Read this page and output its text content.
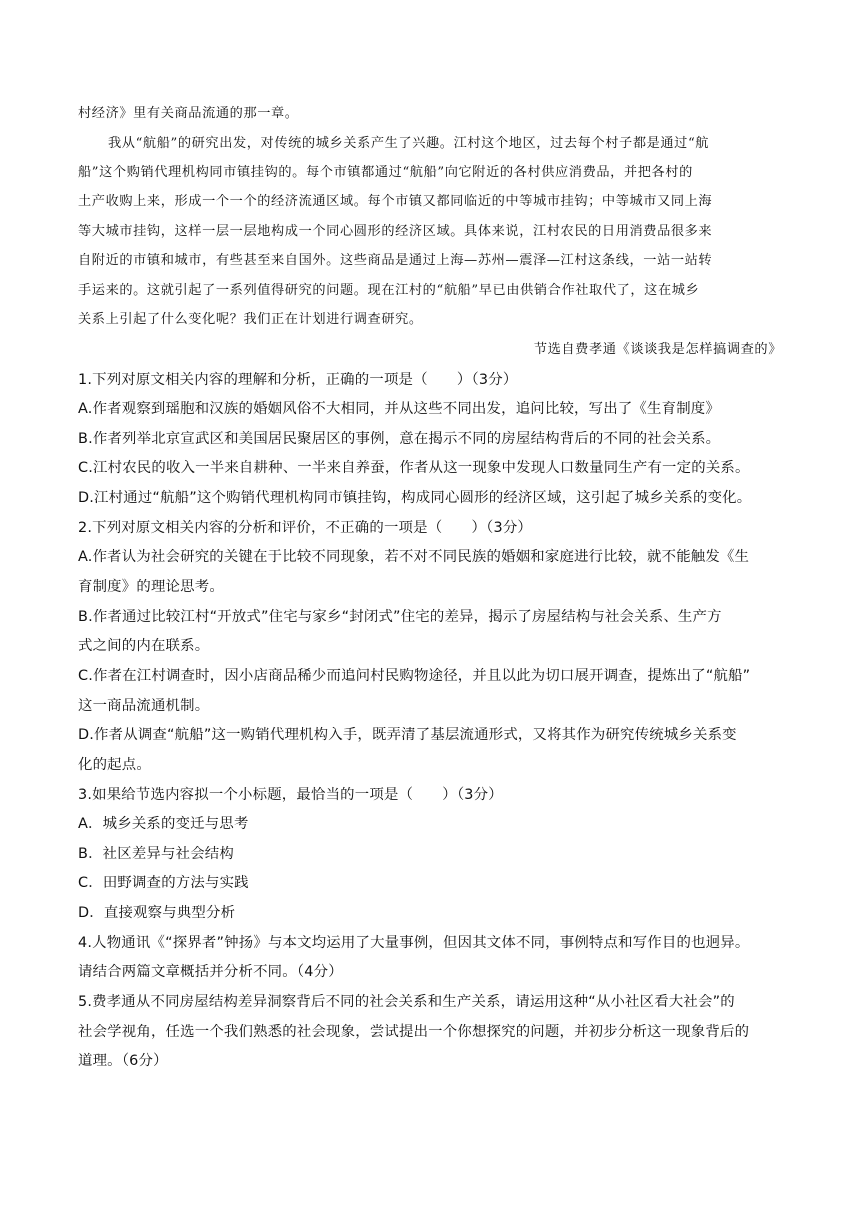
村经济》里有关商品流通的那一章。
我从“航船”的研究出发，对传统的城乡关系产生了兴趣。江村这个地区，过去每个村子都是通过“航
船”这个购销代理机构同市镇挂钩的。每个市镇都通过“航船”向它附近的各村供应消费品，并把各村的
土产收购上来，形成一个一个的经济流通区域。每个市镇又都同临近的中等城市挂钩；中等城市又同上海
等大城市挂钩，这样一层一层地构成一个同心圆形的经济区域。具体来说，江村农民的日用消费品很多来
自附近的市镇和城市，有些甚至来自国外。这些商品是通过上海—苏州—震泽—江村这条线，一站一站转
手运来的。这就引起了一系列值得研究的问题。现在江村的“航船”早已由供销合作社取代了，这在城乡
关系上引起了什么变化呢？我们正在计划进行调查研究。
节选自费孝通《谈谈我是怎样搞调查的》
1.下列对原文相关内容的理解和分析，正确的一项是（　　）（3分）
A.作者观察到瑶胞和汉族的婚姻风俗不大相同，并从这些不同出发，追问比较，写出了《生育制度》
B.作者列举北京宣武区和美国居民聚居区的事例，意在揭示不同的房屋结构背后的不同的社会关系。
C.江村农民的收入一半来自耕种、一半来自养蚕，作者从这一现象中发现人口数量同生产有一定的关系。
D.江村通过“航船”这个购销代理机构同市镇挂钩，构成同心圆形的经济区域，这引起了城乡关系的变化。
2.下列对原文相关内容的分析和评价，不正确的一项是（　　）（3分）
A.作者认为社会研究的关键在于比较不同现象，若不对不同民族的婚姻和家庭进行比较，就不能触发《生
育制度》的理论思考。
B.作者通过比较江村“开放式”住宅与家乡“封闭式”住宅的差异，揭示了房屋结构与社会关系、生产方
式之间的内在联系。
C.作者在江村调查时，因小店商品稀少而追问村民购物途径，并且以此为切口展开调查，提炼出了“航船”
这一商品流通机制。
D.作者从调查“航船”这一购销代理机构入手，既弄清了基层流通形式，又将其作为研究传统城乡关系变
化的起点。
3.如果给节选内容拟一个小标题，最恰当的一项是（　　）（3分）
A．城乡关系的变迁与思考
B．社区差异与社会结构
C．田野调查的方法与实践
D．直接观察与典型分析
4.人物通讯《“探界者”钟扬》与本文均运用了大量事例，但因其文体不同，事例特点和写作目的也迥异。
请结合两篇文章概括并分析不同。（4分）
5.费孝通从不同房屋结构差异洞察背后不同的社会关系和生产关系，请运用这种“从小社区看大社会”的
社会学视角，任选一个我们熟悉的社会现象，尝试提出一个你想探究的问题，并初步分析这一现象背后的
道理。（6分）
